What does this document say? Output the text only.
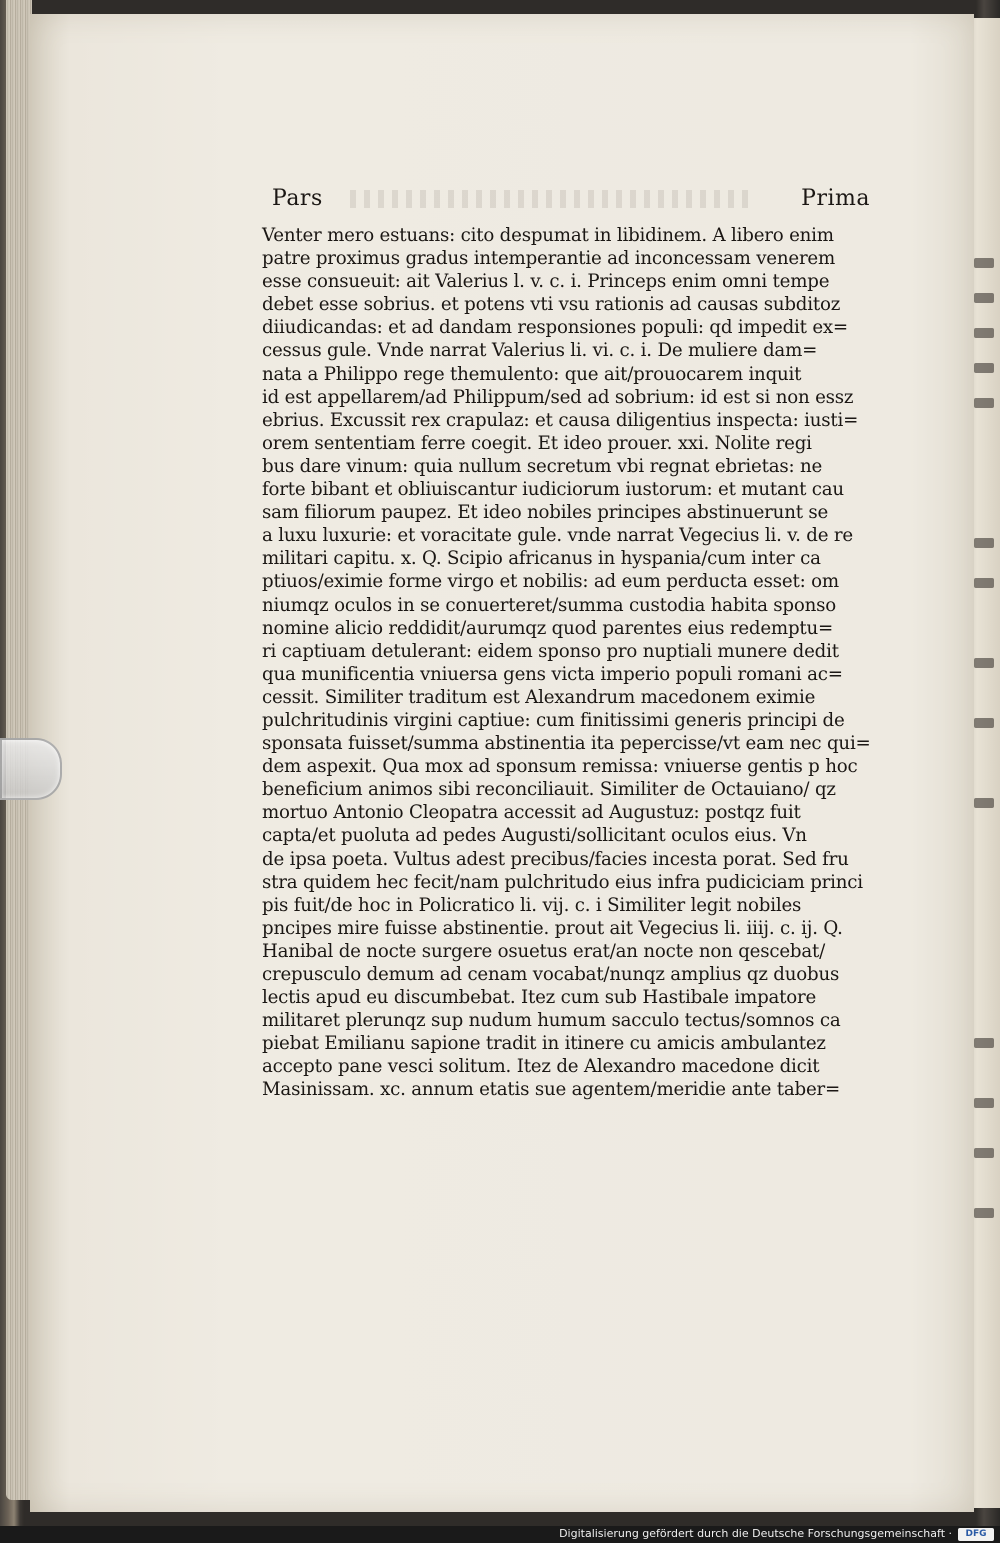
Pars	Prima
Venter mero estuans: cito despumat in libidinem. A libero enim
patre proximus gradus intemperantie ad inconcessam venerem
esse consueuit: ait Valerius l. v. c. i. Princeps enim omni tempe
debet esse sobrius. et potens vti vsu rationis ad causas subditoz
diiudicandas: et ad dandam responsiones populi: qd impedit ex=
cessus gule. Vnde narrat Valerius li. vi. c. i. De muliere dam=
nata a Philippo rege themulento: que ait/prouocarem inquit
id est appellarem/ad Philippum/sed ad sobrium: id est si non essz
ebrius. Excussit rex crapulaz: et causa diligentius inspecta: iusti=
orem sententiam ferre coegit. Et ideo prouer. xxi. Nolite regi
bus dare vinum: quia nullum secretum vbi regnat ebrietas: ne
forte bibant et obliuiscantur iudiciorum iustorum: et mutant cau
sam filiorum paupez. Et ideo nobiles principes abstinuerunt se
a luxu luxurie: et voracitate gule. vnde narrat Vegecius li. v. de re
militari capitu. x. Q. Scipio africanus in hyspania/cum inter ca
ptiuos/eximie forme virgo et nobilis: ad eum perducta esset: om
niumqz oculos in se conuerteret/summa custodia habita sponso
nomine alicio reddidit/aurumqz quod parentes eius redemptu=
ri captiuam detulerant: eidem sponso pro nuptiali munere dedit
qua munificentia vniuersa gens victa imperio populi romani ac=
cessit. Similiter traditum est Alexandrum macedonem eximie
pulchritudinis virgini captiue: cum finitissimi generis principi de
sponsata fuisset/summa abstinentia ita pepercisse/vt eam nec qui=
dem aspexit. Qua mox ad sponsum remissa: vniuerse gentis p hoc
beneficium animos sibi reconciliauit. Similiter de Octauiano/ qz
mortuo Antonio Cleopatra accessit ad Augustuz: postqz fuit
capta/et puoluta ad pedes Augusti/sollicitant oculos eius. Vn
de ipsa poeta. Vultus adest precibus/facies incesta porat. Sed fru
stra quidem hec fecit/nam pulchritudo eius infra pudiciciam princi
pis fuit/de hoc in Policratico li. vij. c. i Similiter legit nobiles
pncipes mire fuisse abstinentie. prout ait Vegecius li. iiij. c. ij. Q.
Hanibal de nocte surgere osuetus erat/an nocte non qescebat/
crepusculo demum ad cenam vocabat/nunqz amplius qz duobus
lectis apud eu discumbebat. Itez cum sub Hastibale impatore
militaret plerunqz sup nudum humum sacculo tectus/somnos ca
piebat Emilianu sapione tradit in itinere cu amicis ambulantez
accepto pane vesci solitum. Itez de Alexandro macedone dicit
Masinissam. xc. annum etatis sue agentem/meridie ante taber=
Digitalisierung gefördert durch die Deutsche Forschungsgemeinschaft ·	DFG
